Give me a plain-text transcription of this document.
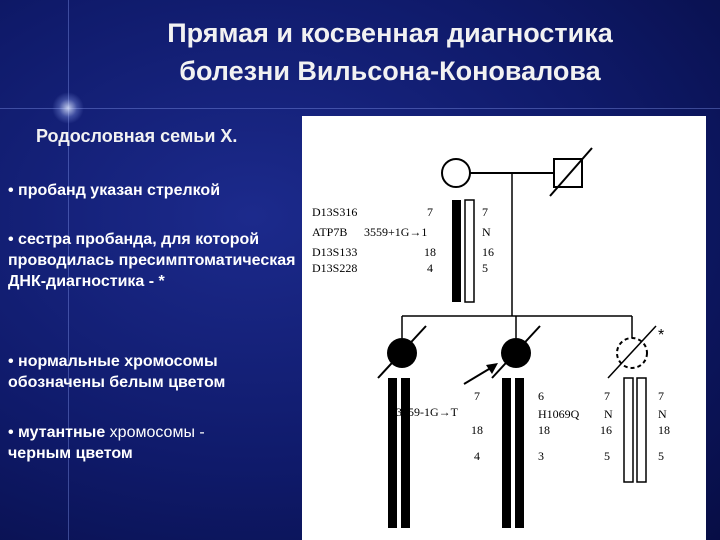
Прямая и косвенная диагностика
болезни Вильсона-Коновалова
Родословная семьи Х.
• пробанд указан стрелкой
• сестра пробанда, для которой проводилась пресимптоматическая ДНК-диагностика - *
• нормальные хромосомы обозначены белым цветом
• мутантные хромосомы -
черным цветом
D13S316
ATP7B
D13S133
D13S228
3559+1G→1
7
18
4
7
N
16
5
*
3559-1G→T
7
18
4
6
H1069Q
18
3
7
N
16
5
7
N
18
5
